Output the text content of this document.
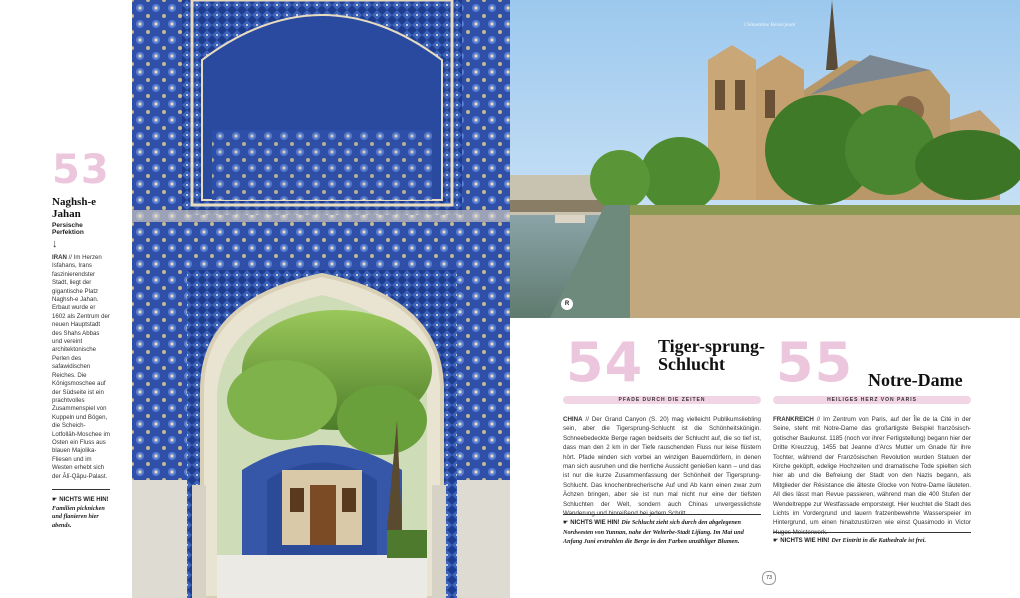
53
Naghsh-e Jahan
Persische Perfektion
↓
IRAN // Im Herzen Isfahans, Irans faszinierendster Stadt, liegt der gigantische Platz Naghsh-e Jahan. Erbaut wurde er 1602 als Zentrum der neuen Hauptstadt des Shahs Abbas und vereint architektonische Perlen des safawidischen Reiches. Die Königsmoschee auf der Südseite ist ein prachtvolles Zusammenspiel von Kuppeln und Bögen, die Scheich-Lotfollāh-Moschee im Osten ein Fluss aus blauen Majolika-Fliesen und im Westen erhebt sich der Ālī-Qāpu-Palast.
☛ NICHTS WIE HIN! Familien picknicken und flanieren hier abends.
Clémentine Beiserjeuté
R
54 Tiger-sprung-Schlucht
PFADE DURCH DIE ZEITEN
CHINA // Der Grand Canyon (S. 20) mag vielleicht Publikumsliebling sein, aber die Tigersprung-Schlucht ist die Schönheitskönigin. Schneebedeckte Berge ragen beidseits der Schlucht auf, die so tief ist, dass man den 2 km in der Tiefe rauschenden Fluss nur leise flüstern hört. Pfade winden sich vorbei an winzigen Bauerndörfern, in denen man sich ausruhen und die herrliche Aussicht genießen kann – und das ist nur die kurze Zusammenfassung der Schönheit der Tigersprung-Schlucht. Das knochenbrecherische Auf und Ab kann einen zwar zum Ächzen bringen, aber sie ist nun mal nicht nur eine der tiefsten Schluchten der Welt, sondern auch Chinas unvergesslichste Wanderung und hinreißend bei jedem Schritt.
☛ NICHTS WIE HIN! Die Schlucht zieht sich durch den abgelegenen Nordwesten von Yunnan, nahe der Welterbe-Stadt Lijiang. Im Mai und Anfang Juni erstrahlen die Berge in den Farben unzähliger Blumen.
55 Notre-Dame
HEILIGES HERZ VON PARIS
FRANKREICH // Im Zentrum von Paris, auf der Île de la Cité in der Seine, steht mit Notre-Dame das großartigste Beispiel französisch-gotischer Baukunst. 1185 (noch vor ihrer Fertigstellung) begann hier der Dritte Kreuzzug, 1455 bat Jeanne d'Arcs Mutter um Gnade für ihre Tochter, während der Französischen Revolution wurden Statuen der Kirche geköpft, edelige Hochzeiten und dramatische Tode spielten sich hier ab und die Befreiung der Stadt von den Nazis begann, als Mitglieder der Résistance die älteste Glocke von Notre-Dame läuteten. All dies lässt man Revue passieren, während man die 400 Stufen der Wendeltreppe zur Westfassade emporsteigt. Hier leuchtet die Stadt des Lichts im Vordergrund und lauern fratzenbewehrte Wasserspeier im Hintergrund, um einen hinabzustürzen wie einst Quasimodo in Victor Hugos Meisterwerk.
☛ NICHTS WIE HIN! Der Eintritt in die Kathedrale ist frei.
73
